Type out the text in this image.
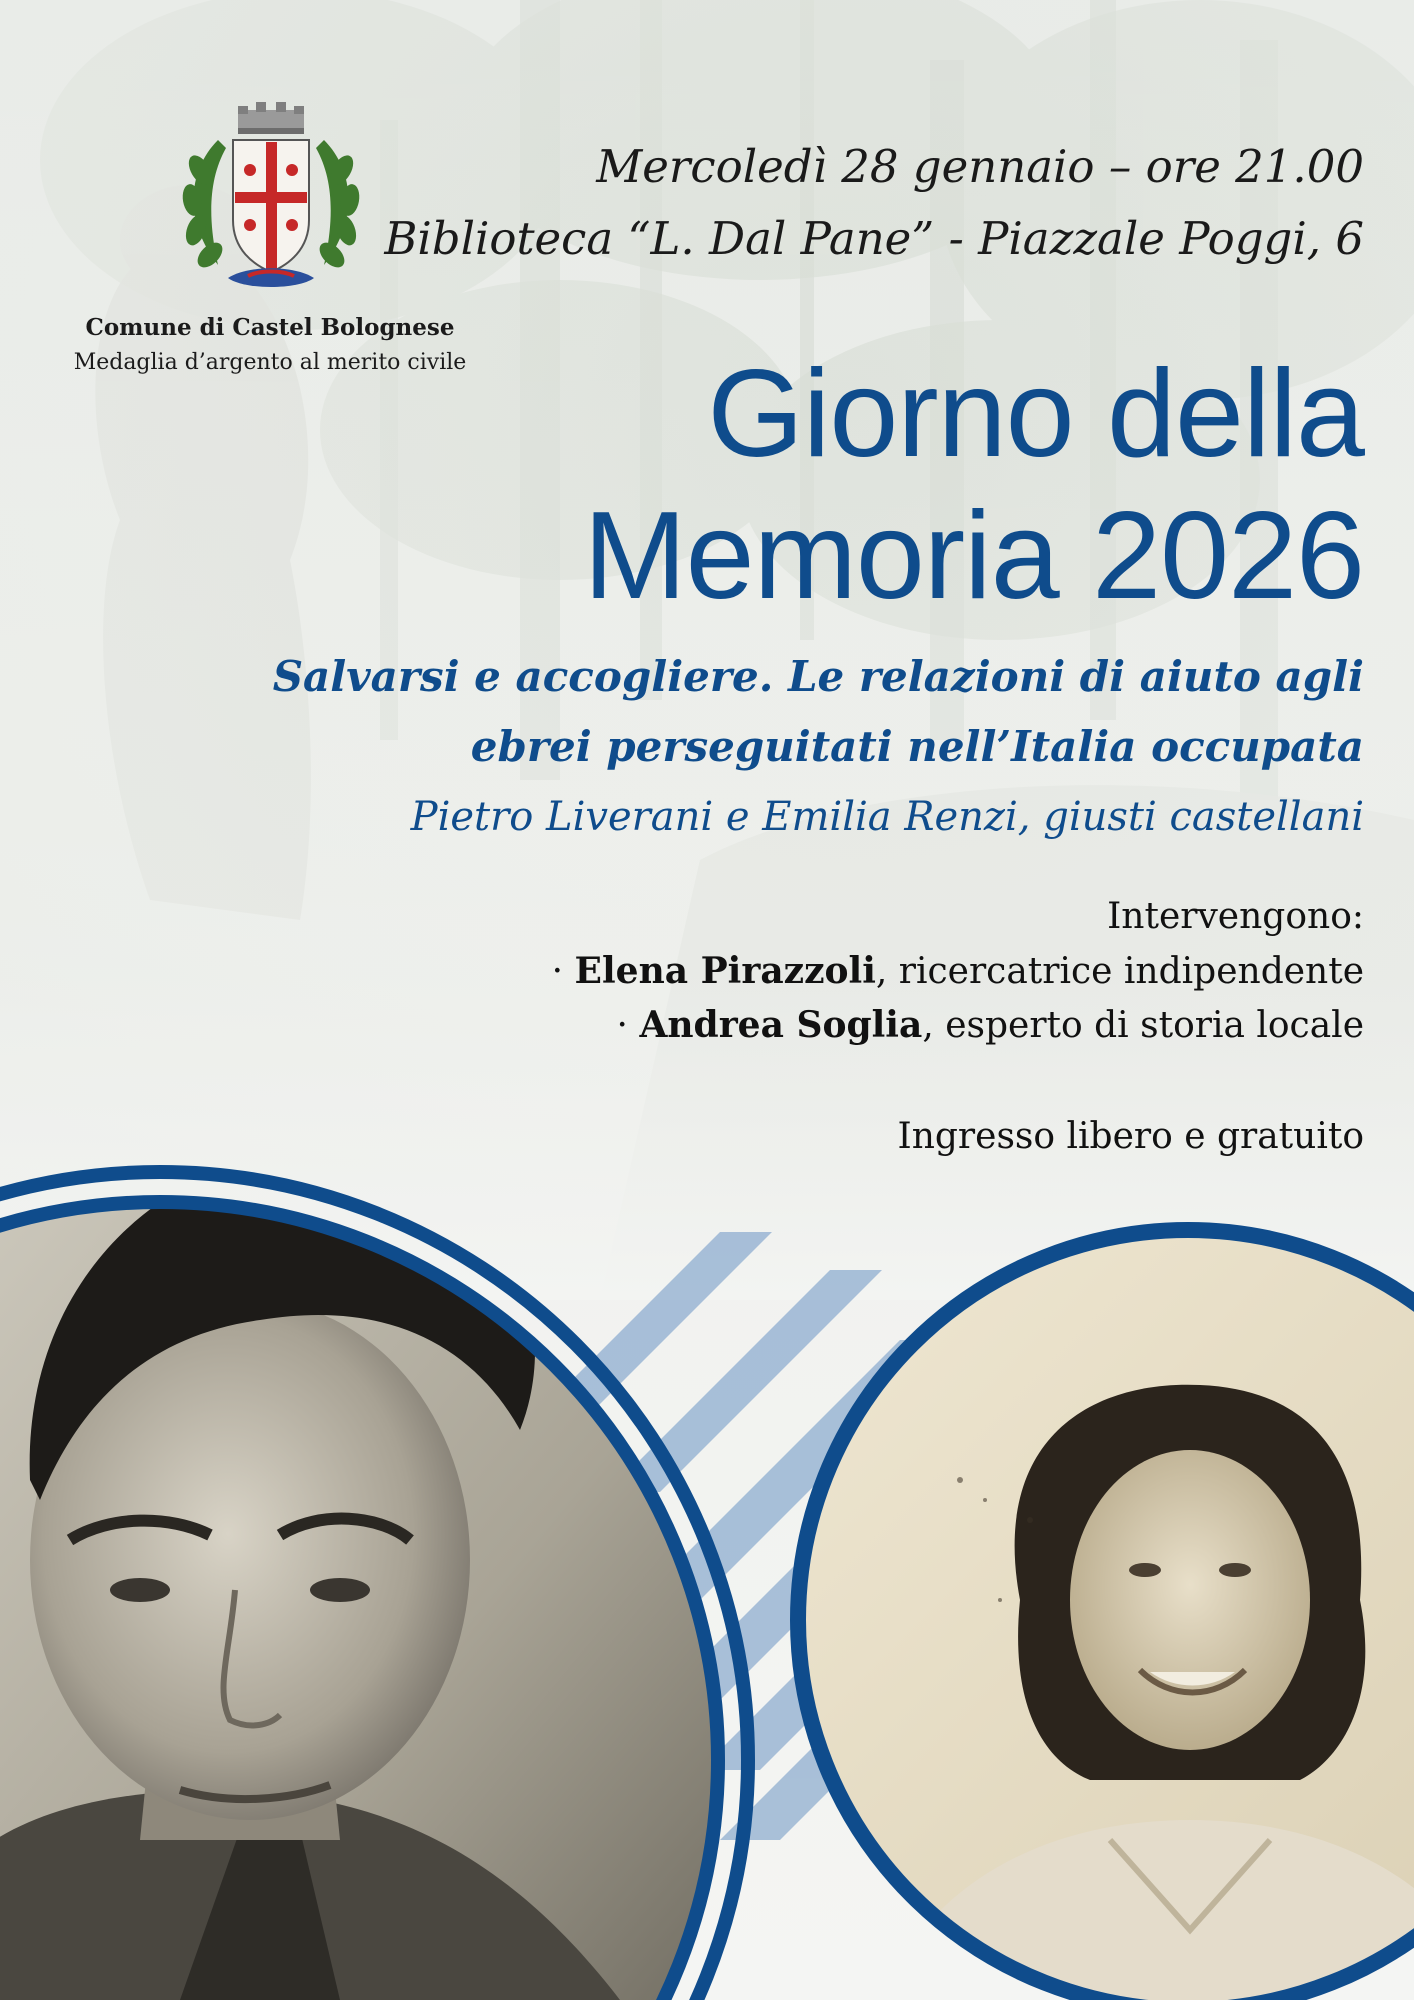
Comune di Castel Bolognese
Medaglia d’argento al merito civile
Mercoledì 28 gennaio – ore 21.00
Biblioteca “L. Dal Pane” - Piazzale Poggi, 6
Giorno della
Memoria 2026
Salvarsi e accogliere. Le relazioni di aiuto agli
ebrei perseguitati nell’Italia occupata
Pietro Liverani e Emilia Renzi, giusti castellani
Intervengono:
· Elena Pirazzoli, ricercatrice indipendente
· Andrea Soglia, esperto di storia locale
Ingresso libero e gratuito
